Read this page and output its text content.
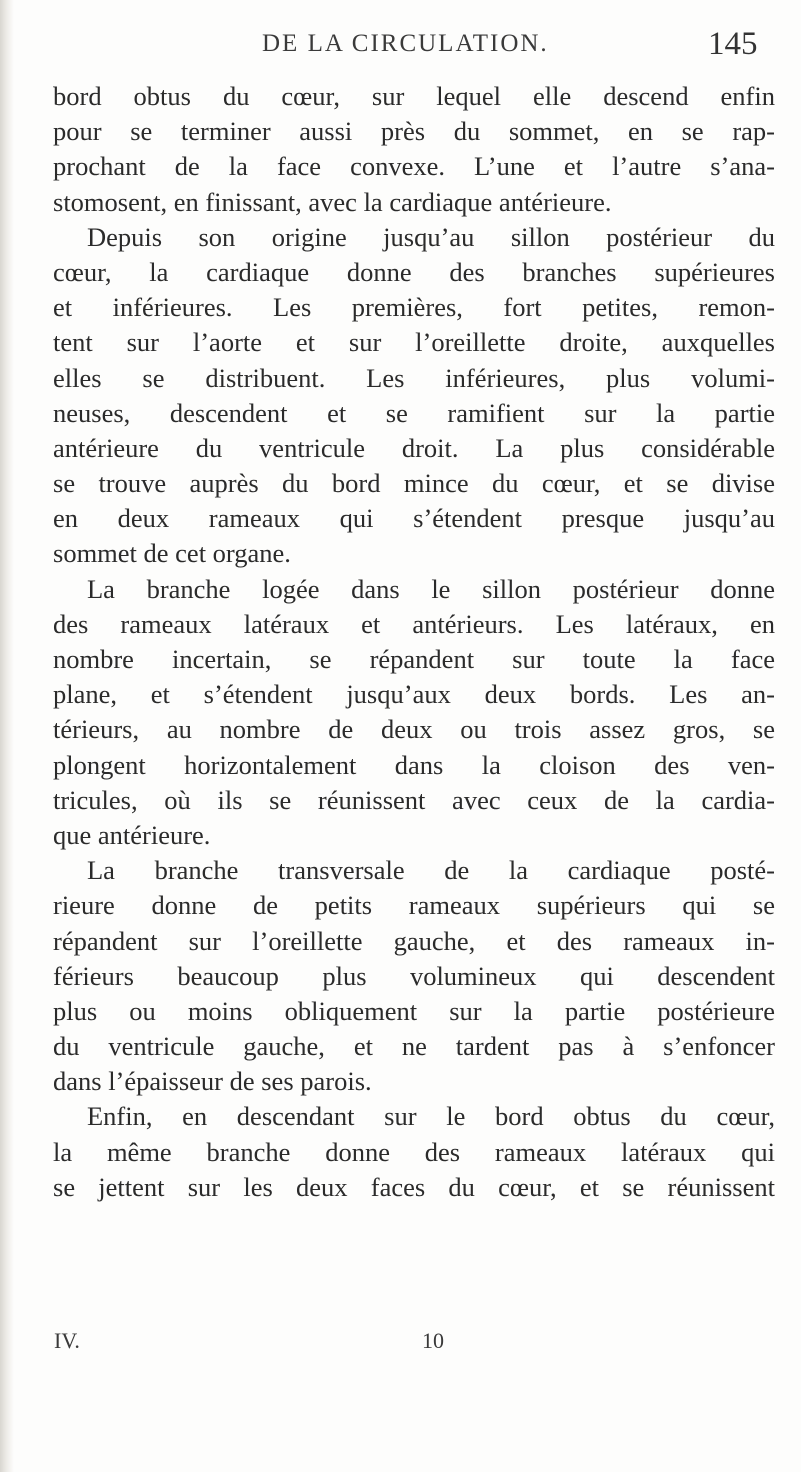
DE LA CIRCULATION.	145
bord obtus du cœur, sur lequel elle descend enfin
pour se terminer aussi près du sommet, en se rap-
prochant de la face convexe. L’une et l’autre s’ana-
stomosent, en finissant, avec la cardiaque antérieure.
Depuis son origine jusqu’au sillon postérieur du
cœur, la cardiaque donne des branches supérieures
et inférieures. Les premières, fort petites, remon-
tent sur l’aorte et sur l’oreillette droite, auxquelles
elles se distribuent. Les inférieures, plus volumi-
neuses, descendent et se ramifient sur la partie
antérieure du ventricule droit. La plus considérable
se trouve auprès du bord mince du cœur, et se divise
en deux rameaux qui s’étendent presque jusqu’au
sommet de cet organe.
La branche logée dans le sillon postérieur donne
des rameaux latéraux et antérieurs. Les latéraux, en
nombre incertain, se répandent sur toute la face
plane, et s’étendent jusqu’aux deux bords. Les an-
térieurs, au nombre de deux ou trois assez gros, se
plongent horizontalement dans la cloison des ven-
tricules, où ils se réunissent avec ceux de la cardia-
que antérieure.
La branche transversale de la cardiaque posté-
rieure donne de petits rameaux supérieurs qui se
répandent sur l’oreillette gauche, et des rameaux in-
férieurs beaucoup plus volumineux qui descendent
plus ou moins obliquement sur la partie postérieure
du ventricule gauche, et ne tardent pas à s’enfoncer
dans l’épaisseur de ses parois.
Enfin, en descendant sur le bord obtus du cœur,
la même branche donne des rameaux latéraux qui
se jettent sur les deux faces du cœur, et se réunissent
IV.	10
